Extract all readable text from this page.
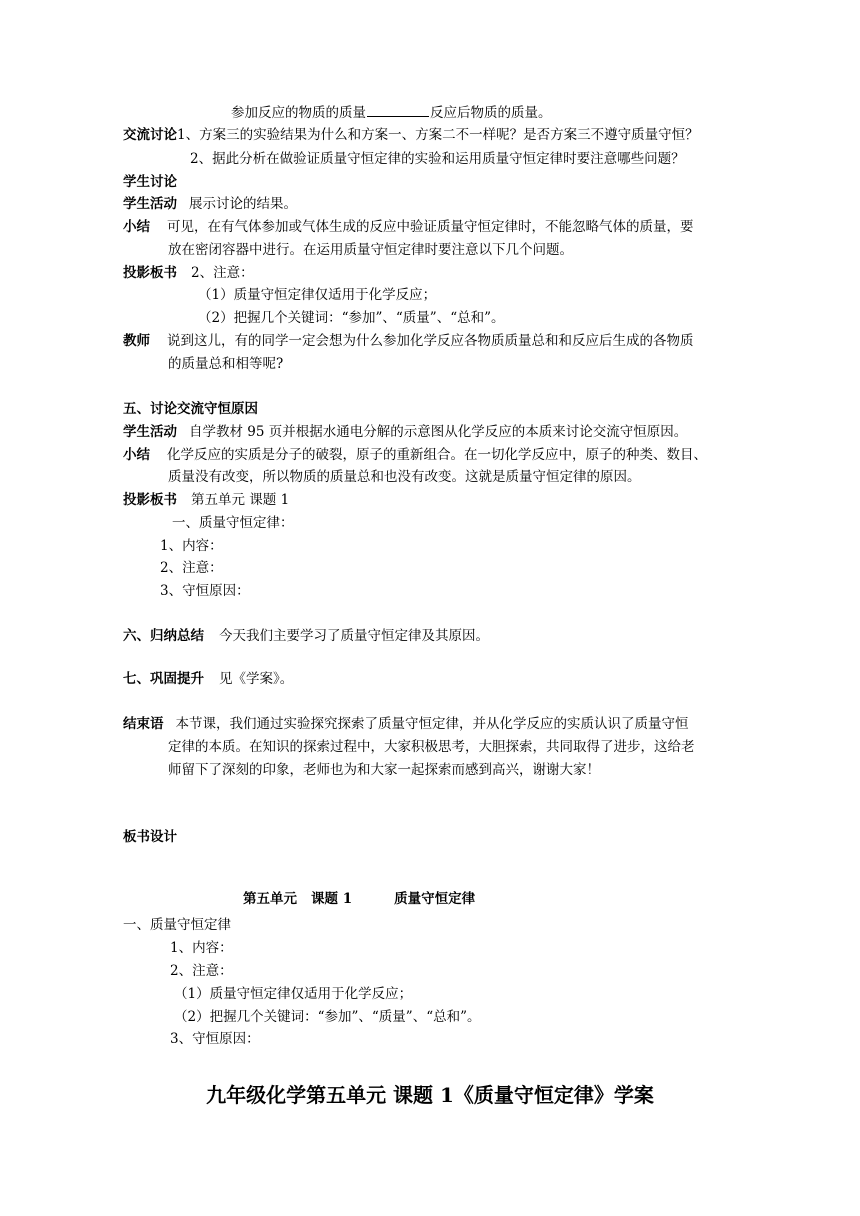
参加反应的物质的质量	反应后物质的质量。
交流讨论1、方案三的实验结果为什么和方案一、方案二不一样呢？是否方案三不遵守质量守恒？
2、据此分析在做验证质量守恒定律的实验和运用质量守恒定律时要注意哪些问题？
学生讨论
学生活动 展示讨论的结果。
小结 可见，在有气体参加或气体生成的反应中验证质量守恒定律时，不能忽略气体的质量，要
放在密闭容器中进行。在运用质量守恒定律时要注意以下几个问题。
投影板书 2、注意：
（1）质量守恒定律仅适用于化学反应；
（2）把握几个关键词：“参加”、“质量”、“总和”。
教师 说到这儿，有的同学一定会想为什么参加化学反应各物质质量总和和反应后生成的各物质
的质量总和相等呢?
五、讨论交流守恒原因
学生活动 自学教材 95 页并根据水通电分解的示意图从化学反应的本质来讨论交流守恒原因。
小结 化学反应的实质是分子的破裂，原子的重新组合。在一切化学反应中，原子的种类、数目、
质量没有改变，所以物质的质量总和也没有改变。这就是质量守恒定律的原因。
投影板书 第五单元 课题 1
一、质量守恒定律：
1、内容：
2、注意：
3、守恒原因：
六、归纳总结 今天我们主要学习了质量守恒定律及其原因。
七、巩固提升 见《学案》。
结束语 本节课，我们通过实验探究探索了质量守恒定律，并从化学反应的实质认识了质量守恒
定律的本质。在知识的探索过程中，大家积极思考，大胆探索，共同取得了进步，这给老
师留下了深刻的印象，老师也为和大家一起探索而感到高兴，谢谢大家！
板书设计
第五单元 课题 1	质量守恒定律
一、质量守恒定律
1、内容：
2、注意：
（1）质量守恒定律仅适用于化学反应；
（2）把握几个关键词：“参加”、“质量”、“总和”。
3、守恒原因：
九年级化学第五单元 课题 1《质量守恒定律》学案
